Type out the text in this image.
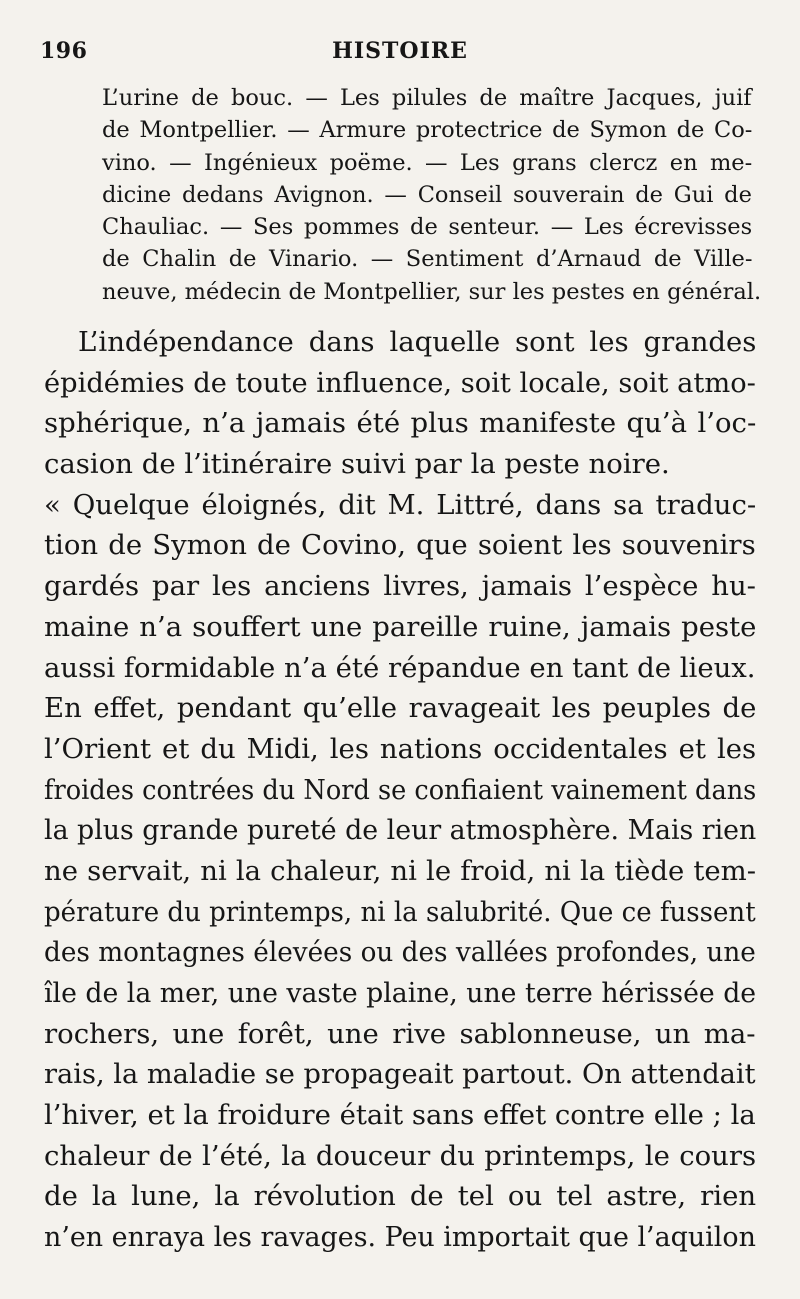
196	HISTOIRE
L’urine de bouc. — Les pilules de maître Jacques, juif
de Montpellier. — Armure protectrice de Symon de Co-
vino. — Ingénieux poëme. — Les grans clercz en me-
dicine dedans Avignon. — Conseil souverain de Gui de
Chauliac. — Ses pommes de senteur. — Les écrevisses
de Chalin de Vinario. — Sentiment d’Arnaud de Ville-
neuve, médecin de Montpellier, sur les pestes en général.
L’indépendance dans laquelle sont les grandes
épidémies de toute influence, soit locale, soit atmo-
sphérique, n’a jamais été plus manifeste qu’à l’oc-
casion de l’itinéraire suivi par la peste noire.
« Quelque éloignés, dit M. Littré, dans sa traduc-
tion de Symon de Covino, que soient les souvenirs
gardés par les anciens livres, jamais l’espèce hu-
maine n’a souffert une pareille ruine, jamais peste
aussi formidable n’a été répandue en tant de lieux.
En effet, pendant qu’elle ravageait les peuples de
l’Orient et du Midi, les nations occidentales et les
froides contrées du Nord se confiaient vainement dans
la plus grande pureté de leur atmosphère. Mais rien
ne servait, ni la chaleur, ni le froid, ni la tiède tem-
pérature du printemps, ni la salubrité. Que ce fussent
des montagnes élevées ou des vallées profondes, une
île de la mer, une vaste plaine, une terre hérissée de
rochers, une forêt, une rive sablonneuse, un ma-
rais, la maladie se propageait partout. On attendait
l’hiver, et la froidure était sans effet contre elle ; la
chaleur de l’été, la douceur du printemps, le cours
de la lune, la révolution de tel ou tel astre, rien
n’en enraya les ravages. Peu importait que l’aquilon
